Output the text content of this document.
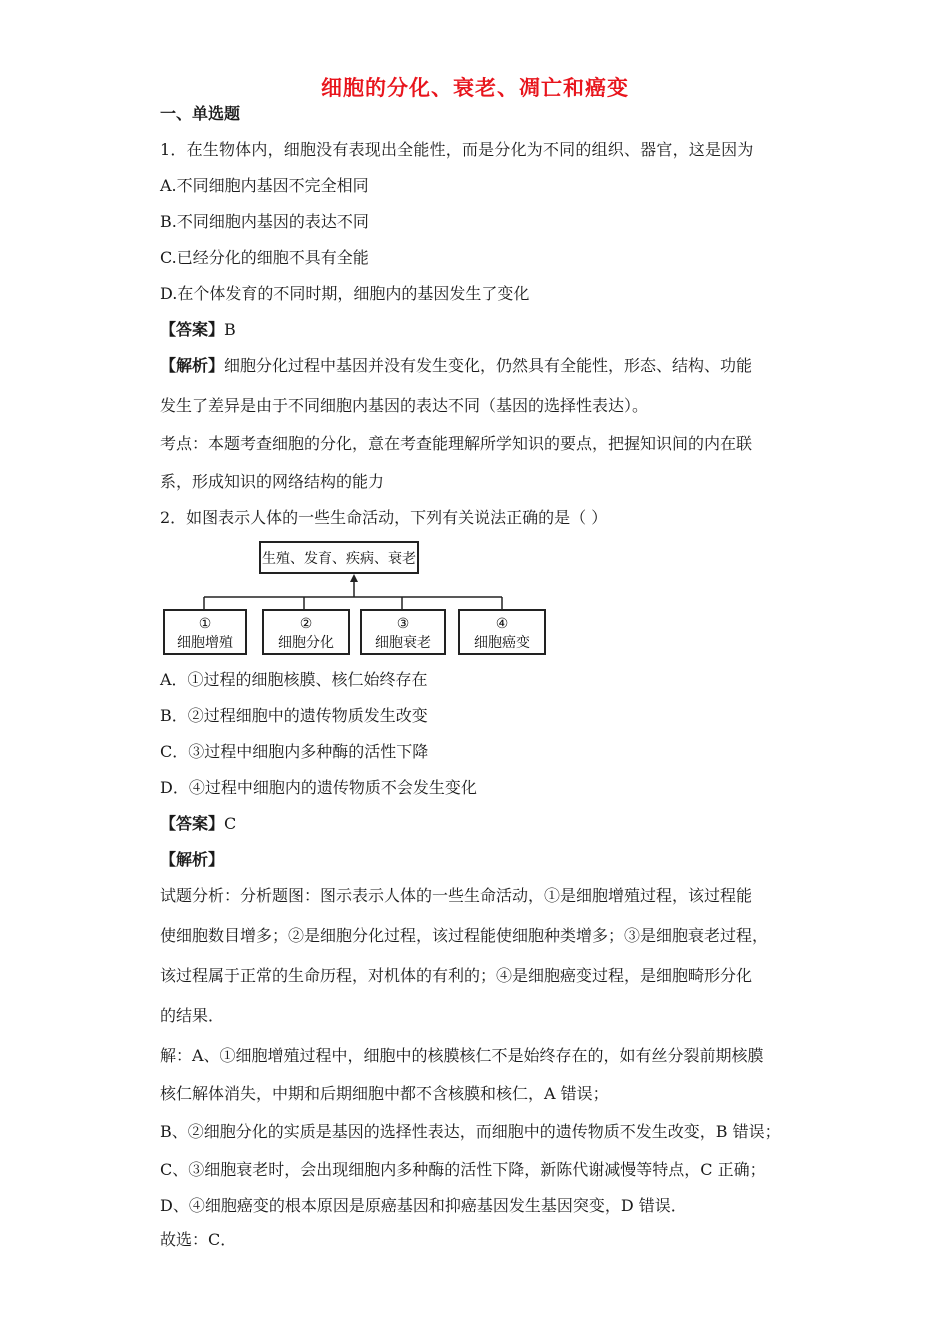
细胞的分化、衰老、凋亡和癌变
一、单选题
1．在生物体内，细胞没有表现出全能性，而是分化为不同的组织、器官，这是因为
A.不同细胞内基因不完全相同
B.不同细胞内基因的表达不同
C.已经分化的细胞不具有全能
D.在个体发育的不同时期，细胞内的基因发生了变化
【答案】B
【解析】细胞分化过程中基因并没有发生变化，仍然具有全能性，形态、结构、功能
发生了差异是由于不同细胞内基因的表达不同（基因的选择性表达）。
考点：本题考查细胞的分化，意在考查能理解所学知识的要点，把握知识间的内在联
系，形成知识的网络结构的能力
2．如图表示人体的一些生命活动，下列有关说法正确的是（ ）
生殖、发育、疾病、衰老
①
细胞增殖
②
细胞分化
③
细胞衰老
④
细胞癌变
A．①过程的细胞核膜、核仁始终存在
B．②过程细胞中的遗传物质发生改变
C．③过程中细胞内多种酶的活性下降
D．④过程中细胞内的遗传物质不会发生变化
【答案】C
【解析】
试题分析：分析题图：图示表示人体的一些生命活动，①是细胞增殖过程，该过程能
使细胞数目增多；②是细胞分化过程，该过程能使细胞种类增多；③是细胞衰老过程，
该过程属于正常的生命历程，对机体的有利的；④是细胞癌变过程，是细胞畸形分化
的结果．
解：A、①细胞增殖过程中，细胞中的核膜核仁不是始终存在的，如有丝分裂前期核膜
核仁解体消失，中期和后期细胞中都不含核膜和核仁，A 错误；
B、②细胞分化的实质是基因的选择性表达，而细胞中的遗传物质不发生改变，B 错误；
C、③细胞衰老时，会出现细胞内多种酶的活性下降，新陈代谢减慢等特点，C 正确；
D、④细胞癌变的根本原因是原癌基因和抑癌基因发生基因突变，D 错误．
故选：C．
